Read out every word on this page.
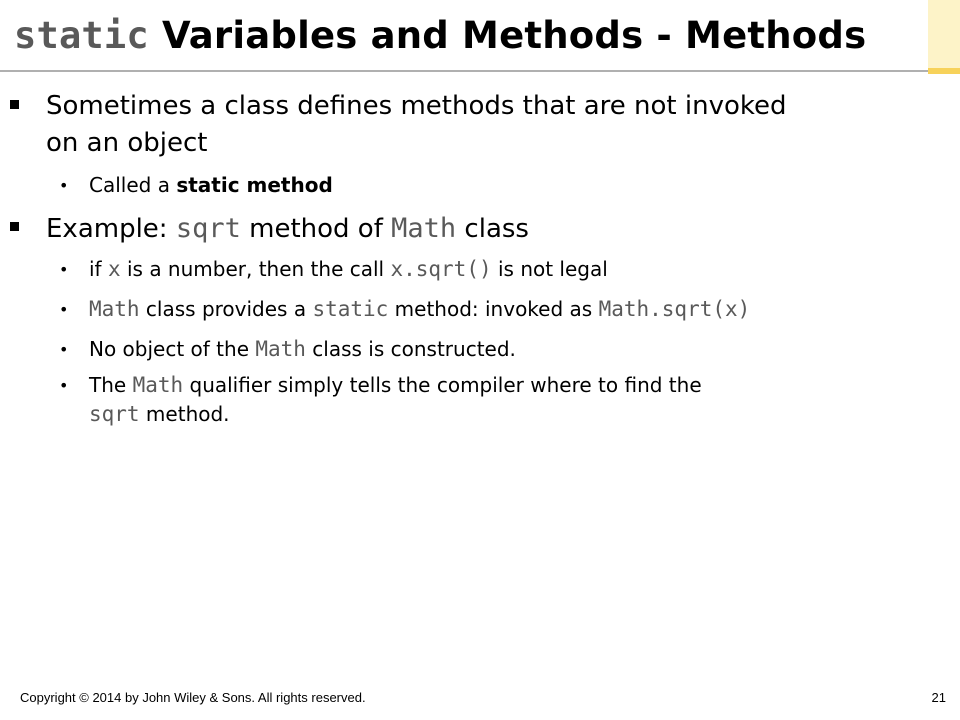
static Variables and Methods - Methods
Sometimes a class defines methods that are not invoked
on an object
• Called a static method
Example: sqrt method of Math class
• if x is a number, then the call x.sqrt() is not legal
• Math class provides a static method: invoked as Math.sqrt(x)
• No object of the Math class is constructed.
• The Math qualifier simply tells the compiler where to find the
sqrt method.
Copyright © 2014 by John Wiley & Sons. All rights reserved.	21
